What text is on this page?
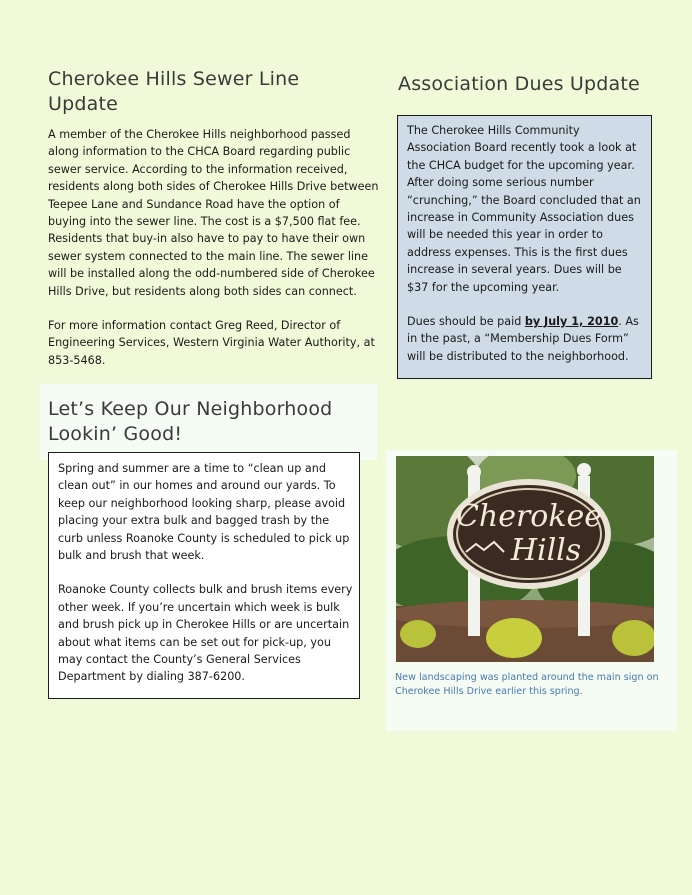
Cherokee Hills Sewer Line Update

A member of the Cherokee Hills neighborhood passed along information to the CHCA Board regarding public sewer service. According to the information received, residents along both sides of Cherokee Hills Drive between Teepee Lane and Sundance Road have the option of buying into the sewer line. The cost is a $7,500 flat fee. Residents that buy-in also have to pay to have their own sewer system connected to the main line. The sewer line will be installed along the odd-numbered side of Cherokee Hills Drive, but residents along both sides can connect.

For more information contact Greg Reed, Director of Engineering Services, Western Virginia Water Authority, at 853-5468.

Association Dues Update

The Cherokee Hills Community Association Board recently took a look at the CHCA budget for the upcoming year. After doing some serious number “crunching,” the Board concluded that an increase in Community Association dues will be needed this year in order to address expenses. This is the first dues increase in several years. Dues will be $37 for the upcoming year.

Dues should be paid by July 1, 2010. As in the past, a “Membership Dues Form” will be distributed to the neighborhood.

Let’s Keep Our Neighborhood Lookin’ Good!

Spring and summer are a time to “clean up and clean out” in our homes and around our yards. To keep our neighborhood looking sharp, please avoid placing your extra bulk and bagged trash by the curb unless Roanoke County is scheduled to pick up bulk and brush that week.

Roanoke County collects bulk and brush items every other week. If you’re uncertain which week is bulk and brush pick up in Cherokee Hills or are uncertain about what items can be set out for pick-up, you may contact the County’s General Services Department by dialing 387-6200.

Cherokee
Hills
New landscaping was planted around the main sign on Cherokee Hills Drive earlier this spring.
